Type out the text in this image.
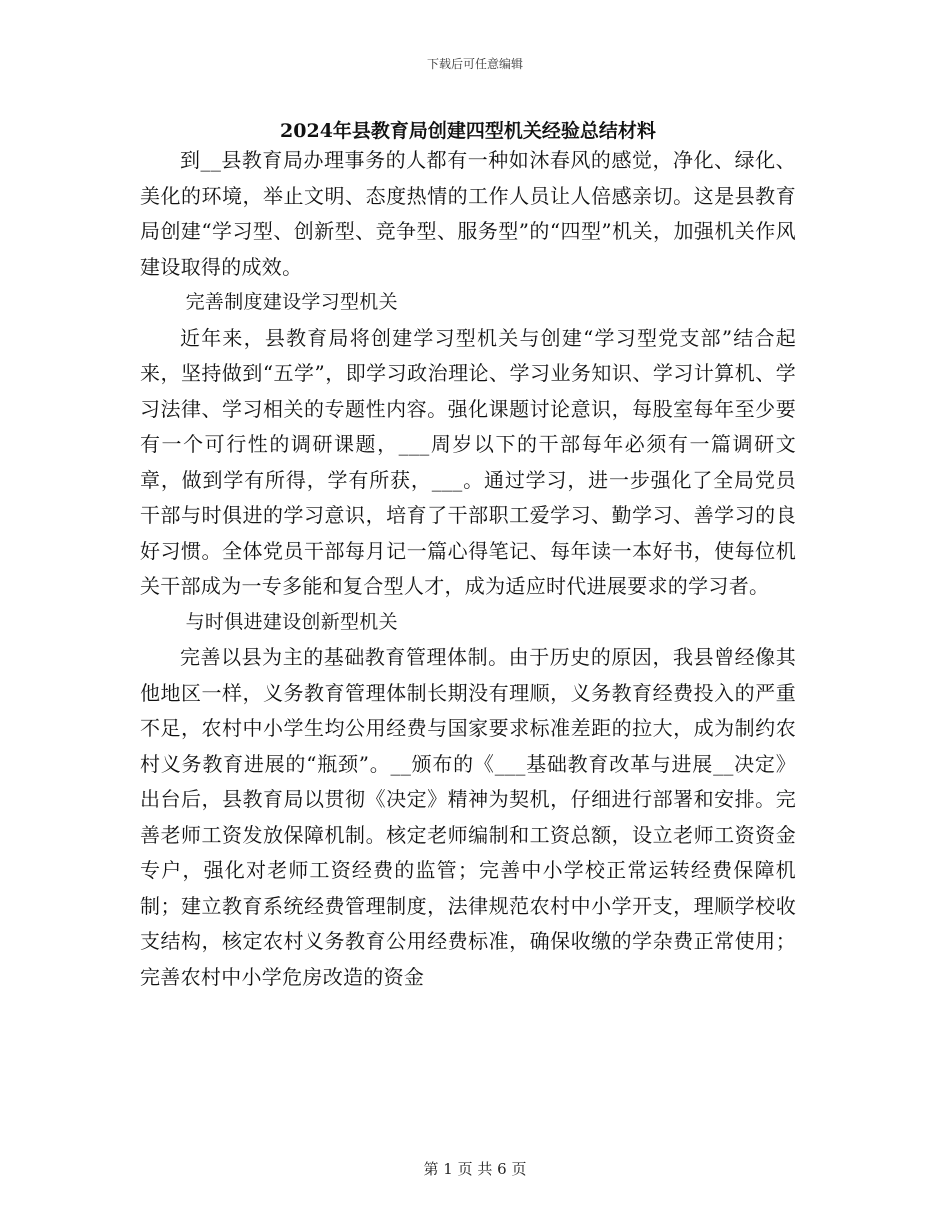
下载后可任意编辑
2024年县教育局创建四型机关经验总结材料

到__县教育局办理事务的人都有一种如沐春风的感觉，净化、绿化、美化的环境，举止文明、态度热情的工作人员让人倍感亲切。这是县教育局创建“学习型、创新型、竞争型、服务型”的“四型”机关，加强机关作风建设取得的成效。

完善制度建设学习型机关

近年来，县教育局将创建学习型机关与创建“学习型党支部”结合起来，坚持做到“五学”，即学习政治理论、学习业务知识、学习计算机、学习法律、学习相关的专题性内容。强化课题讨论意识，每股室每年至少要有一个可行性的调研课题，___周岁以下的干部每年必须有一篇调研文章，做到学有所得，学有所获，___。通过学习，进一步强化了全局党员干部与时俱进的学习意识，培育了干部职工爱学习、勤学习、善学习的良好习惯。全体党员干部每月记一篇心得笔记、每年读一本好书，使每位机关干部成为一专多能和复合型人才，成为适应时代进展要求的学习者。

与时俱进建设创新型机关

完善以县为主的基础教育管理体制。由于历史的原因，我县曾经像其他地区一样，义务教育管理体制长期没有理顺，义务教育经费投入的严重不足，农村中小学生均公用经费与国家要求标准差距的拉大，成为制约农村义务教育进展的“瓶颈”。__颁布的《___基础教育改革与进展__决定》出台后，县教育局以贯彻《决定》精神为契机，仔细进行部署和安排。完善老师工资发放保障机制。核定老师编制和工资总额，设立老师工资资金专户，强化对老师工资经费的监管；完善中小学校正常运转经费保障机制；建立教育系统经费管理制度，法律规范农村中小学开支，理顺学校收支结构，核定农村义务教育公用经费标准，确保收缴的学杂费正常使用；完善农村中小学危房改造的资金

第 1 页 共 6 页
